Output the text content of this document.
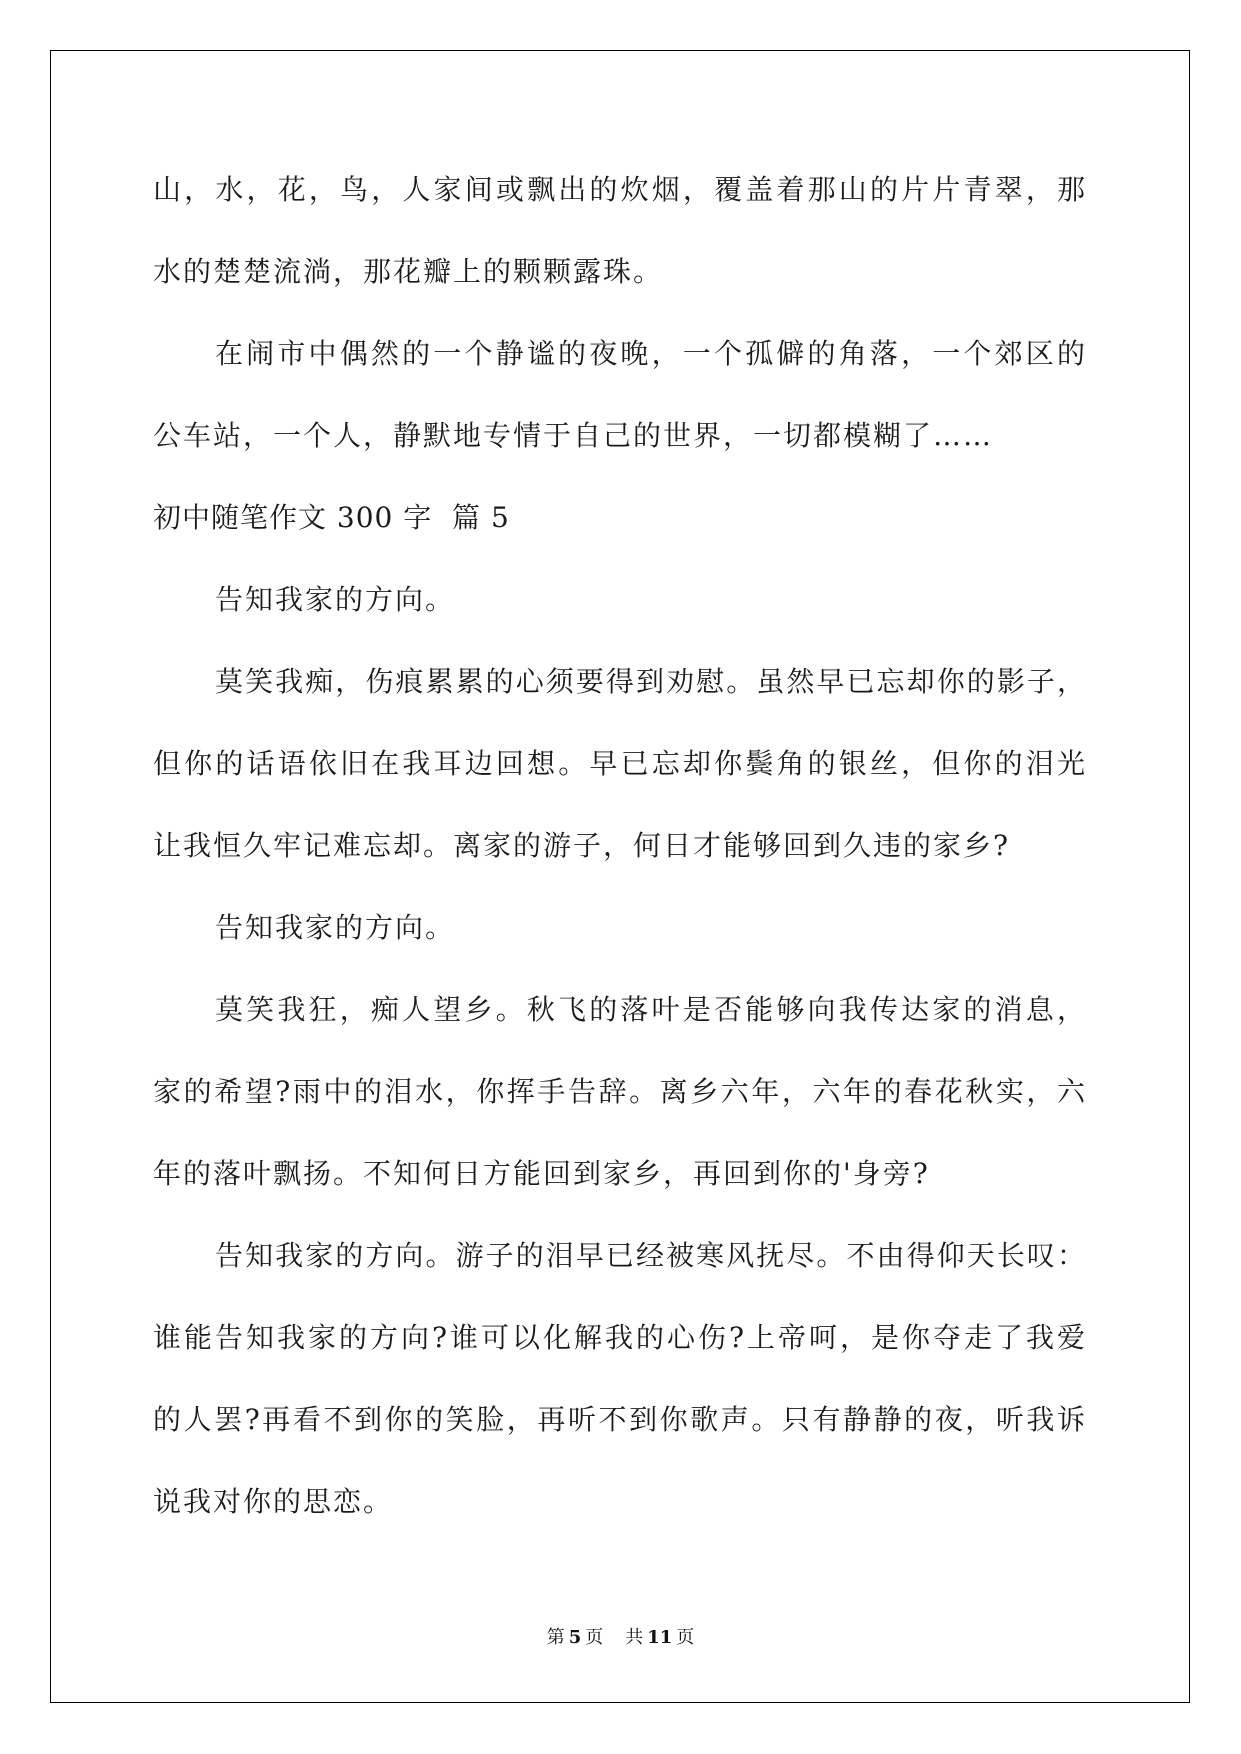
山，水，花，鸟，人家间或飘出的炊烟，覆盖着那山的片片青翠，那
水的楚楚流淌，那花瓣上的颗颗露珠。
在闹市中偶然的一个静谧的夜晚，一个孤僻的角落，一个郊区的
公车站，一个人，静默地专情于自己的世界，一切都模糊了……
初中随笔作文 300 字  篇 5
告知我家的方向。
莫笑我痴，伤痕累累的心须要得到劝慰。虽然早已忘却你的影子，
但你的话语依旧在我耳边回想。早已忘却你鬓角的银丝，但你的泪光
让我恒久牢记难忘却。离家的游子，何日才能够回到久违的家乡?
告知我家的方向。
莫笑我狂，痴人望乡。秋飞的落叶是否能够向我传达家的消息，
家的希望?雨中的泪水，你挥手告辞。离乡六年，六年的春花秋实，六
年的落叶飘扬。不知何日方能回到家乡，再回到你的'身旁?
告知我家的方向。游子的泪早已经被寒风抚尽。不由得仰天长叹：
谁能告知我家的方向?谁可以化解我的心伤?上帝呵，是你夺走了我爱
的人罢?再看不到你的笑脸，再听不到你歌声。只有静静的夜，听我诉
说我对你的思恋。
第 5 页 共 11 页
